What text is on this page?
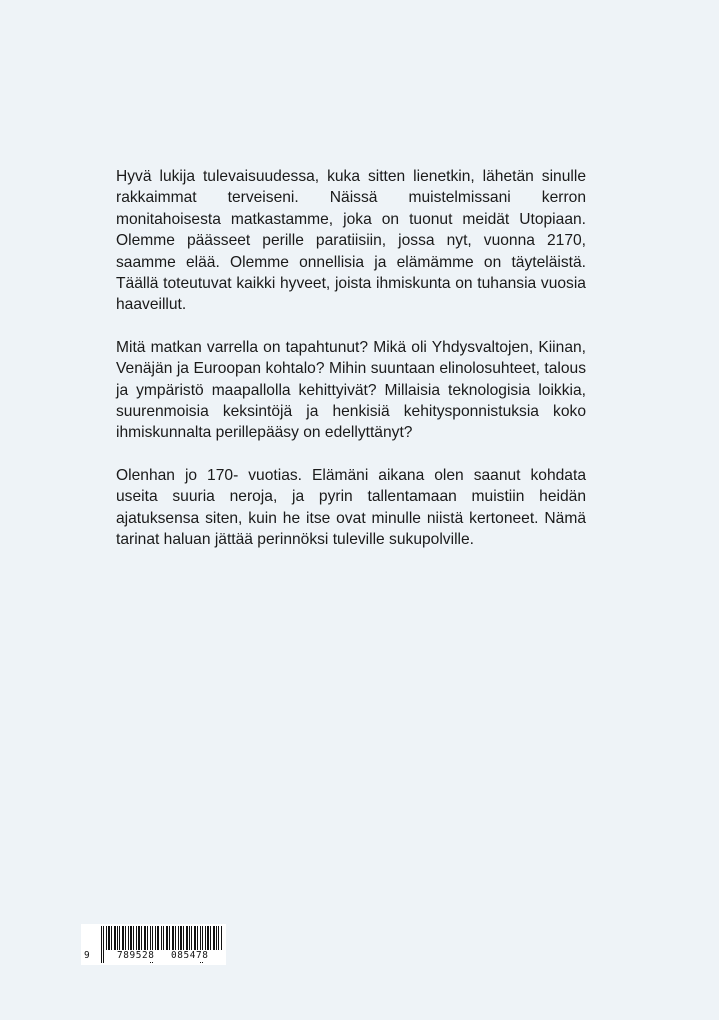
Hyvä lukija tulevaisuudessa, kuka sitten lienetkin, lähetän sinulle rakkaimmat terveiseni. Näissä muistelmissani kerron monitahoisesta matkastamme, joka on tuonut meidät Utopiaan. Olemme päässeet perille paratiisiin, jossa nyt, vuonna 2170, saamme elää. Olemme onnellisia ja elämämme on täyteläistä. Täällä toteutuvat kaikki hyveet, joista ihmiskunta on tuhansia vuosia haaveillut.

Mitä matkan varrella on tapahtunut? Mikä oli Yhdysvaltojen, Kiinan, Venäjän ja Euroopan kohtalo? Mihin suuntaan elinolosuhteet, talous ja ympäristö maapallolla kehittyivät? Millaisia teknologisia loikkia, suurenmoisia keksintöjä ja henkisiä kehitysponnistuksia koko ihmiskunnalta perillepääsy on edellyttänyt?

Olenhan jo 170- vuotias. Elämäni aikana olen saanut kohdata useita suuria neroja, ja pyrin tallentamaan muistiin heidän ajatuksensa siten, kuin he itse ovat minulle niistä kertoneet. Nämä tarinat haluan jättää perinnöksi tuleville sukupolville.

9	789528 085478
